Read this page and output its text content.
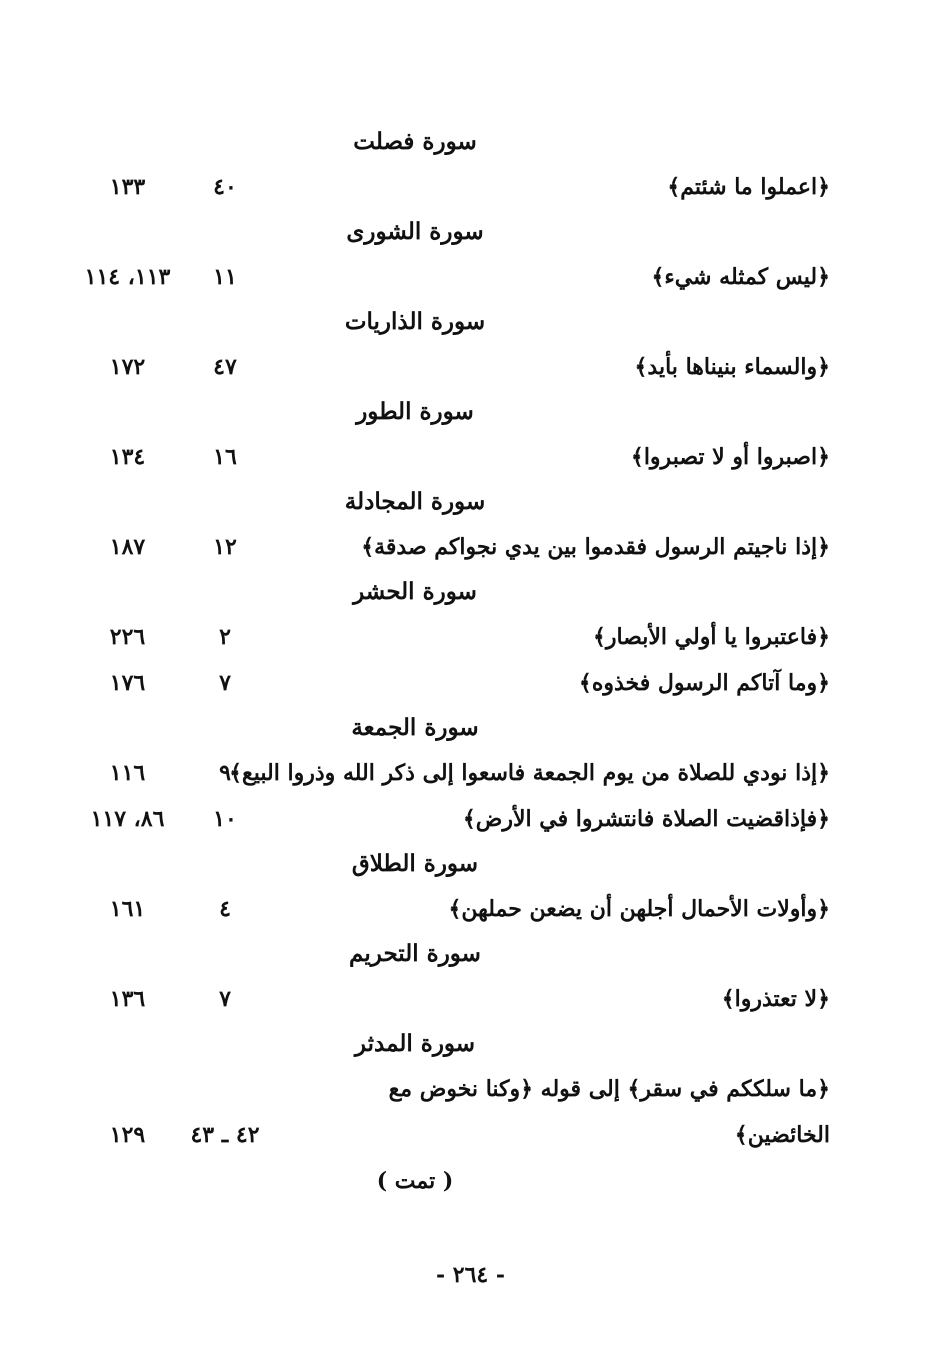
سورة فصلت
﴿اعملوا ما شئتم﴾
٤٠
١٣٣
سورة الشورى
﴿ليس كمثله شيء﴾
١١
١١٣، ١١٤
سورة الذاريات
﴿والسماء بنيناها بأيد﴾
٤٧
١٧٢
سورة الطور
﴿اصبروا أو لا تصبروا﴾
١٦
١٣٤
سورة المجادلة
﴿إذا ناجيتم الرسول فقدموا بين يدي نجواكم صدقة﴾
١٢
١٨٧
سورة الحشر
﴿فاعتبروا يا أولي الأبصار﴾
٢
٢٢٦
﴿وما آتاكم الرسول فخذوه﴾
٧
١٧٦
سورة الجمعة
﴿إذا نودي للصلاة من يوم الجمعة فاسعوا إلى ذكر الله وذروا البيع﴾
٩
١١٦
﴿فإذاقضيت الصلاة فانتشروا في الأرض﴾
١٠
٨٦، ١١٧
سورة الطلاق
﴿وأولات الأحمال أجلهن أن يضعن حملهن﴾
٤
١٦١
سورة التحريم
﴿لا تعتذروا﴾
٧
١٣٦
سورة المدثر
﴿ما سلككم في سقر﴾ إلى قوله ﴿وكنا نخوض مع الخائضين﴾
٤٢ ـ ٤٣
١٢٩
( تمت )
- ٢٦٤ -
